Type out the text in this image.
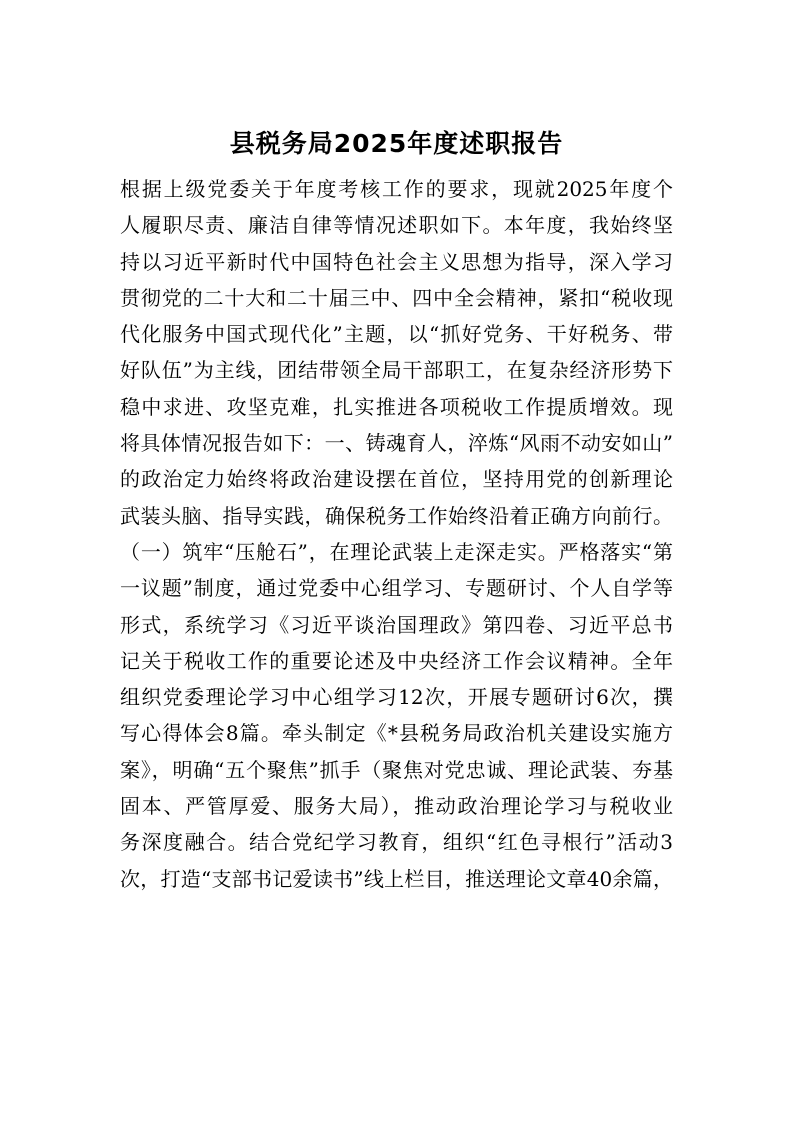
县税务局2025年度述职报告
根据上级党委关于年度考核工作的要求，现就2025年度个
人履职尽责、廉洁自律等情况述职如下。本年度，我始终坚
持以习近平新时代中国特色社会主义思想为指导，深入学习
贯彻党的二十大和二十届三中、四中全会精神，紧扣“税收现
代化服务中国式现代化”主题，以“抓好党务、干好税务、带
好队伍”为主线，团结带领全局干部职工，在复杂经济形势下
稳中求进、攻坚克难，扎实推进各项税收工作提质增效。现
将具体情况报告如下：一、铸魂育人，淬炼“风雨不动安如山”
的政治定力始终将政治建设摆在首位，坚持用党的创新理论
武装头脑、指导实践，确保税务工作始终沿着正确方向前行。
（一）筑牢“压舱石”，在理论武装上走深走实。严格落实“第
一议题”制度，通过党委中心组学习、专题研讨、个人自学等
形式，系统学习《习近平谈治国理政》第四卷、习近平总书
记关于税收工作的重要论述及中央经济工作会议精神。全年
组织党委理论学习中心组学习12次，开展专题研讨6次，撰
写心得体会8篇。牵头制定《*县税务局政治机关建设实施方
案》，明确“五个聚焦”抓手（聚焦对党忠诚、理论武装、夯基
固本、严管厚爱、服务大局），推动政治理论学习与税收业
务深度融合。结合党纪学习教育，组织“红色寻根行”活动3
次，打造“支部书记爱读书”线上栏目，推送理论文章40余篇，
